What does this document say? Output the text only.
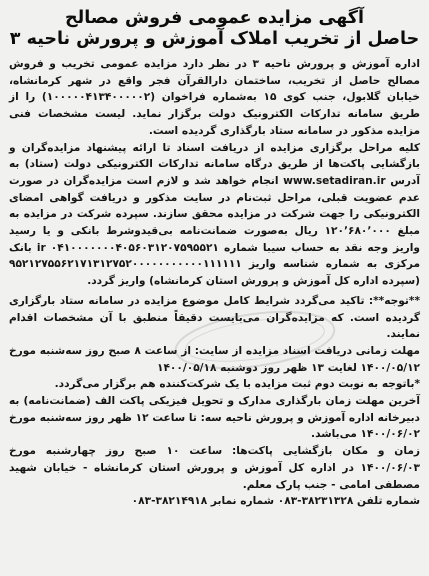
آگهی مزایده عمومی فروش مصالح
حاصل از تخریب املاک آموزش و پرورش ناحیه ۳

اداره آموزش و پرورش ناحیه ۳ در نظر دارد مزایده عمومی تخریب و فروش مصالح حاصل از تخریب، ساختمان دارالقرآن فجر واقع در شهر کرمانشاه، خیابان گلابول، جنب کوی ۱۵ به‌شماره فراخوان (۱۰۰۰۰۰۴۱۳۴۰۰۰۰۰۲) را از طریق سامانه تدارکات الکترونیک دولت برگزار نماید. لیست مشخصات فنی مزایده مذکور در سامانه ستاد بارگذاری گردیده است.

کلیه مراحل برگزاری مزایده از دریافت اسناد تا ارائه پیشنهاد مزایده‌گران و بازگشایی پاکت‌ها از طریق درگاه سامانه تدارکات الکترونیکی دولت (ستاد) به آدرس www.setadiran.ir انجام خواهد شد و لازم است مزایده‌گران در صورت عدم عضویت قبلی، مراحل ثبت‌نام در سایت مذکور و دریافت گواهی امضای الکترونیکی را جهت شرکت در مزایده محقق سازند. سپرده شرکت در مزایده به مبلغ ۱۲۰٬۶۸۰٬۰۰۰ ریال به‌صورت ضمانت‌نامه بی‌قیدوشرط بانکی و یا رسید واریز وجه نقد به حساب سیبا شماره ir ۰۴۱۰۰۰۰۰۰۰۴۰۵۶۰۳۱۲۰۷۵۹۵۵۲۱ بانک مرکزی به شماره شناسه واریز ۹۵۲۱۲۷۵۵۶۲۱۷۱۳۱۲۷۵۲۰۰۰۰۰۰۰۰۰۰۰۱۱۱۱۱۱ (سپرده اداره کل آموزش و پرورش استان کرمانشاه) واریز گردد.

**توجه**: تاکید می‌گردد شرایط کامل موضوع مزایده در سامانه ستاد بارگزاری گردیده است. که مزایده‌گران می‌بایست دقیقاً منطبق با آن مشخصات اقدام نمایند.

مهلت زمانی دریافت اسناد مزایده از سایت: از ساعت ۸ صبح روز سه‌شنبه مورخ ۱۴۰۰/۰۵/۱۲ لغایت ۱۳ ظهر روز دوشنبه ۱۴۰۰/۰۵/۱۸

*باتوجه به نوبت دوم ثبت مزایده با یک شرکت‌کننده هم برگزار می‌گردد.

آخرین مهلت زمان بارگذاری مدارک و تحویل فیزیکی پاکت الف (ضمانت‌نامه) به دبیرخانه اداره آموزش و پرورش ناحیه سه: تا ساعت ۱۲ ظهر روز سه‌شنبه مورخ ۱۴۰۰/۰۶/۰۲ می‌باشد.

زمان و مکان بازگشایی پاکت‌ها: ساعت ۱۰ صبح روز چهارشنبه مورخ ۱۴۰۰/۰۶/۰۳ در اداره کل آموزش و پرورش استان کرمانشاه - خیابان شهید مصطفی امامی - جنب پارک معلم.

شماره تلفن ۳۸۲۳۱۳۲۸-۰۸۳ شماره نمابر ۳۸۲۱۴۹۱۸-۰۸۳
